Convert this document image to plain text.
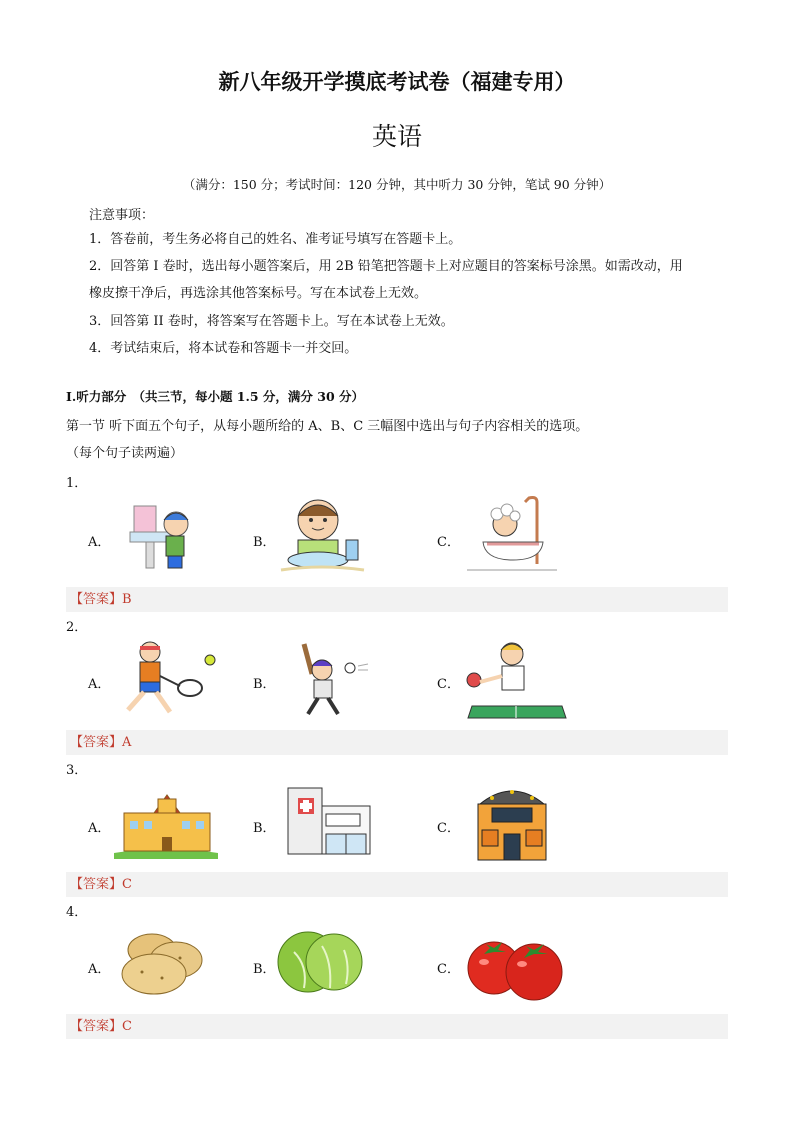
新八年级开学摸底考试卷（福建专用）
英语
（满分：150 分；考试时间：120 分钟，其中听力 30 分钟，笔试 90 分钟）
注意事项：
1．答卷前，考生务必将自己的姓名、准考证号填写在答题卡上。
2．回答第 I 卷时，选出每小题答案后，用 2B 铅笔把答题卡上对应题目的答案标号涂黑。如需改动，用
橡皮擦干净后，再选涂其他答案标号。写在本试卷上无效。
3．回答第 II 卷时，将答案写在答题卡上。写在本试卷上无效。
4．考试结束后，将本试卷和答题卡一并交回。
I.听力部分　（共三节，每小题 1.5 分，满分 30 分）
第一节 听下面五个句子，从每小题所给的 A、B、C 三幅图中选出与句子内容相关的选项。
（每个句子读两遍）
1．
A．	B．	C．
【答案】B
2．
A．	B．	C．
【答案】A
3．
A．	B．	C．
【答案】C
4．
A．	B．	C．
【答案】C
